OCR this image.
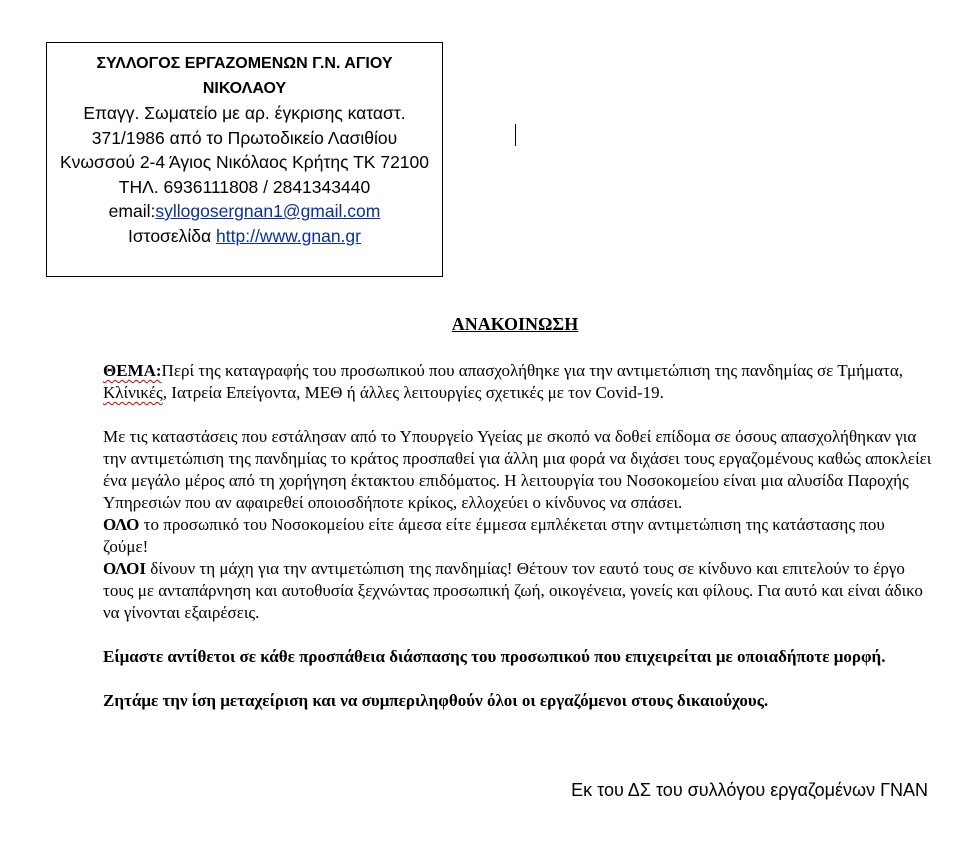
ΣΥΛΛΟΓΟΣ ΕΡΓΑΖΟΜΕΝΩΝ Γ.Ν. ΑΓΙΟΥ ΝΙΚΟΛΑΟΥ
Επαγγ. Σωματείο με αρ. έγκρισης καταστ.
371/1986 από το Πρωτοδικείο Λασιθίου
Κνωσσού 2-4 Άγιος Νικόλαος Κρήτης ΤΚ 72100
ΤΗΛ. 6936111808 / 2841343440
email:syllogosergnan1@gmail.com
Ιστοσελίδα http://www.gnan.gr
ΑΝΑΚΟΙΝΩΣΗ

ΘΕΜΑ:Περί της καταγραφής του προσωπικού που απασχολήθηκε για την αντιμετώπιση της πανδημίας σε Τμήματα, Κλίνικές, Ιατρεία Επείγοντα, ΜΕΘ ή άλλες λειτουργίες σχετικές με τον Covid-19.

Με τις καταστάσεις που εστάλησαν από το Υπουργείο Υγείας με σκοπό να δοθεί επίδομα σε όσους απασχολήθηκαν για την αντιμετώπιση της πανδημίας το κράτος προσπαθεί για άλλη μια φορά να διχάσει τους εργαζομένους καθώς αποκλείει ένα μεγάλο μέρος από τη χορήγηση έκτακτου επιδόματος. Η λειτουργία του Νοσοκομείου είναι μια αλυσίδα Παροχής Υπηρεσιών που αν αφαιρεθεί οποιοσδήποτε κρίκος, ελλοχεύει ο κίνδυνος να σπάσει.

ΟΛΟ το προσωπικό του Νοσοκομείου είτε άμεσα είτε έμμεσα εμπλέκεται στην αντιμετώπιση της κατάστασης που ζούμε!

ΟΛΟΙ δίνουν τη μάχη για την αντιμετώπιση της πανδημίας! Θέτουν τον εαυτό τους σε κίνδυνο και επιτελούν το έργο τους με ανταπάρνηση και αυτοθυσία ξεχνώντας προσωπική ζωή, οικογένεια, γονείς και φίλους. Για αυτό και είναι άδικο να γίνονται εξαιρέσεις.

Είμαστε αντίθετοι σε κάθε προσπάθεια διάσπασης του προσωπικού που επιχειρείται με οποιαδήποτε μορφή.

Ζητάμε την ίση μεταχείριση και να συμπεριληφθούν όλοι οι εργαζόμενοι στους δικαιούχους.

Εκ του ΔΣ του συλλόγου εργαζομένων ΓΝΑΝ
